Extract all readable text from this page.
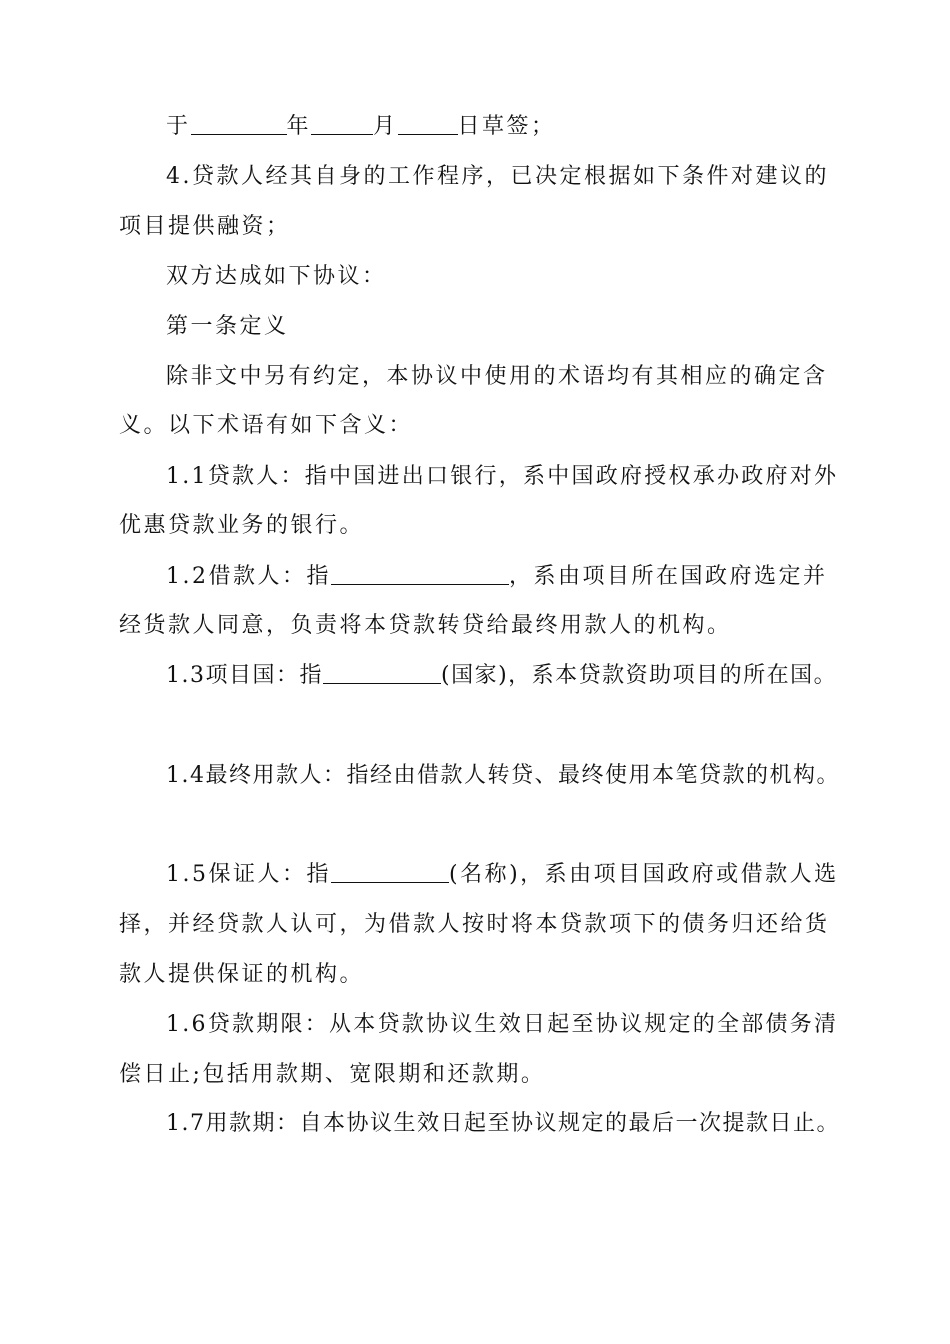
于	年	月	日草签；
4.贷款人经其自身的工作程序，已决定根据如下条件对建议的
项目提供融资；
双方达成如下协议：
第一条定义
除非文中另有约定，本协议中使用的术语均有其相应的确定含
义。以下术语有如下含义：
1.1贷款人：指中国进出口银行，系中国政府授权承办政府对外
优惠贷款业务的银行。
1.2借款人：指	，系由项目所在国政府选定并
经货款人同意，负责将本贷款转贷给最终用款人的机构。
1.3项目国：指	(国家)，系本贷款资助项目的所在国。
1.4最终用款人：指经由借款人转贷、最终使用本笔贷款的机构。
1.5保证人：指	(名称)，系由项目国政府或借款人选
择，并经贷款人认可，为借款人按时将本贷款项下的债务归还给货
款人提供保证的机构。
1.6贷款期限：从本贷款协议生效日起至协议规定的全部债务清
偿日止;包括用款期、宽限期和还款期。
1.7用款期：自本协议生效日起至协议规定的最后一次提款日止。
